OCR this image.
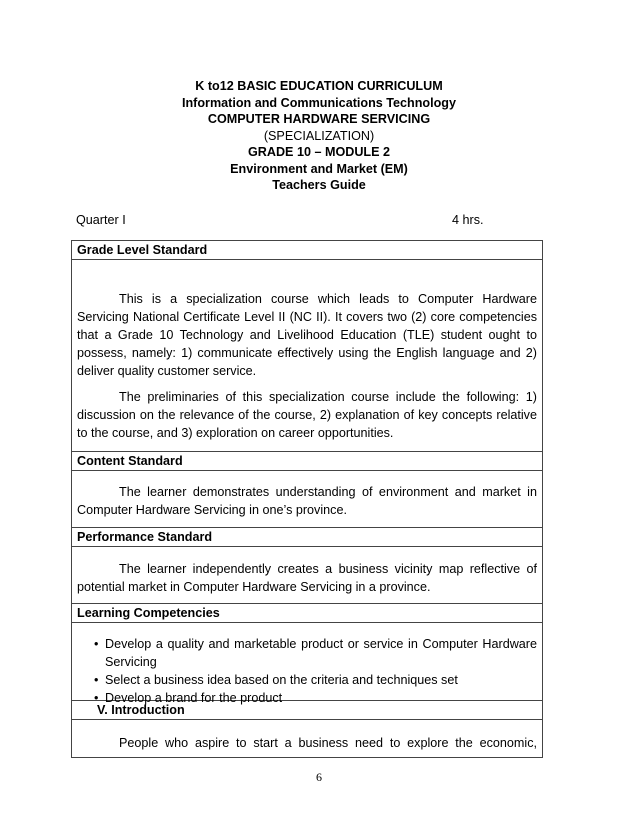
K to12 BASIC EDUCATION CURRICULUM
Information and Communications Technology
COMPUTER HARDWARE SERVICING
(SPECIALIZATION)
GRADE 10 – MODULE 2
Environment and Market (EM)
Teachers Guide
Quarter I	4 hrs.
Grade Level Standard

This is a specialization course which leads to Computer Hardware Servicing National Certificate Level II (NC II). It covers two (2) core competencies that a Grade 10 Technology and Livelihood Education (TLE) student ought to possess, namely: 1) communicate effectively using the English language and 2) deliver quality customer service.

The preliminaries of this specialization course include the following: 1) discussion on the relevance of the course, 2) explanation of key concepts relative to the course, and 3) exploration on career opportunities.

Content Standard

The learner demonstrates understanding of environment and market in Computer Hardware Servicing in one’s province.

Performance Standard

The learner independently creates a business vicinity map reflective of potential market in Computer Hardware Servicing in a province.

Learning Competencies
• Develop a quality and marketable product or service in Computer Hardware Servicing
• Select a business idea based on the criteria and techniques set
• Develop a brand for the product
V. Introduction

People who aspire to start a business need to explore the economic,

6
